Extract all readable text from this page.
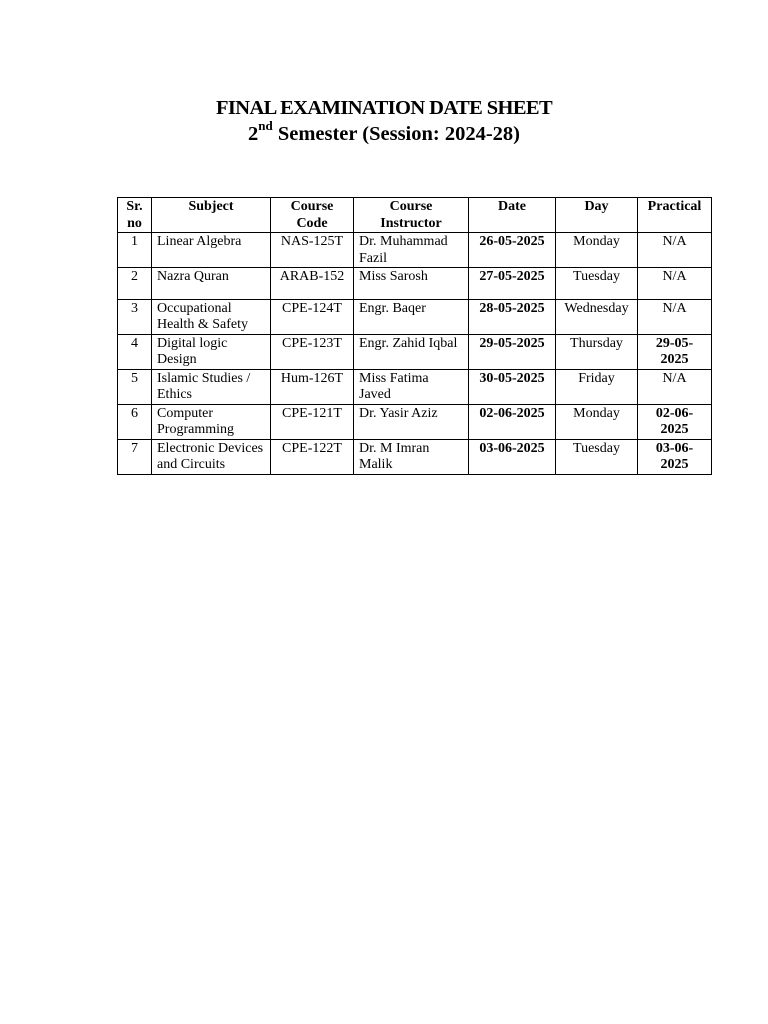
FINAL EXAMINATION DATE SHEET
2nd Semester (Session: 2024-28)
Sr. no	Subject	Course Code	Course Instructor	Date	Day	Practical
1	Linear Algebra	NAS-125T	Dr. Muhammad Fazil	26-05-2025	Monday	N/A
2	Nazra Quran	ARAB-152	Miss Sarosh	27-05-2025	Tuesday	N/A
3	Occupational Health & Safety	CPE-124T	Engr. Baqer	28-05-2025	Wednesday	N/A
4	Digital logic Design	CPE-123T	Engr. Zahid Iqbal	29-05-2025	Thursday	29-05-2025
5	Islamic Studies / Ethics	Hum-126T	Miss Fatima Javed	30-05-2025	Friday	N/A
6	Computer Programming	CPE-121T	Dr. Yasir Aziz	02-06-2025	Monday	02-06-2025
7	Electronic Devices and Circuits	CPE-122T	Dr. M Imran Malik	03-06-2025	Tuesday	03-06-2025
